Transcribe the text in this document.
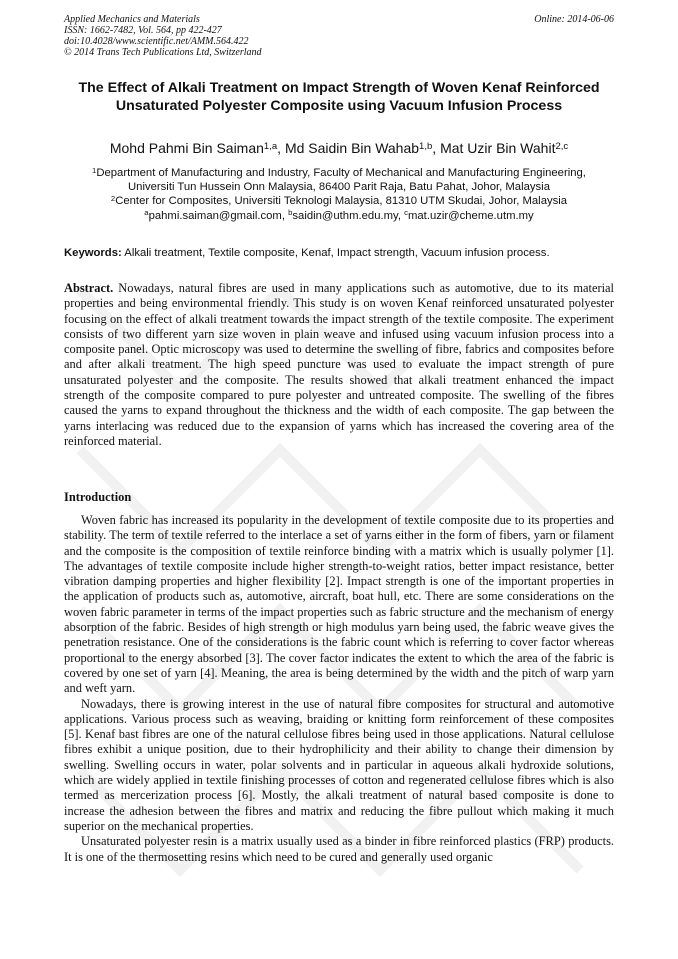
Applied Mechanics and Materials
ISSN: 1662-7482, Vol. 564, pp 422-427
doi:10.4028/www.scientific.net/AMM.564.422
© 2014 Trans Tech Publications Ltd, Switzerland
Online: 2014-06-06
The Effect of Alkali Treatment on Impact Strength of Woven Kenaf Reinforced Unsaturated Polyester Composite using Vacuum Infusion Process
Mohd Pahmi Bin Saiman$^{1,a}$, Md Saidin Bin Wahab$^{1,b}$, Mat Uzir Bin Wahit$^{2,c}$
$^1$Department of Manufacturing and Industry, Faculty of Mechanical and Manufacturing Engineering,
Universiti Tun Hussein Onn Malaysia, 86400 Parit Raja, Batu Pahat, Johor, Malaysia
$^2$Center for Composites, Universiti Teknologi Malaysia, 81310 UTM Skudai, Johor, Malaysia
$^a$pahmi.saiman@gmail.com, $^b$saidin@uthm.edu.my, $^c$mat.uzir@cheme.utm.my
Keywords: Alkali treatment, Textile composite, Kenaf, Impact strength, Vacuum infusion process.
Abstract. Nowadays, natural fibres are used in many applications such as automotive, due to its material properties and being environmental friendly. This study is on woven Kenaf reinforced unsaturated polyester focusing on the effect of alkali treatment towards the impact strength of the textile composite. The experiment consists of two different yarn size woven in plain weave and infused using vacuum infusion process into a composite panel. Optic microscopy was used to determine the swelling of fibre, fabrics and composites before and after alkali treatment. The high speed puncture was used to evaluate the impact strength of pure unsaturated polyester and the composite. The results showed that alkali treatment enhanced the impact strength of the composite compared to pure polyester and untreated composite. The swelling of the fibres caused the yarns to expand throughout the thickness and the width of each composite. The gap between the yarns interlacing was reduced due to the expansion of yarns which has increased the covering area of the reinforced material.
Introduction

Woven fabric has increased its popularity in the development of textile composite due to its properties and stability. The term of textile referred to the interlace a set of yarns either in the form of fibers, yarn or filament and the composite is the composition of textile reinforce binding with a matrix which is usually polymer [1]. The advantages of textile composite include higher strength-to-weight ratios, better impact resistance, better vibration damping properties and higher flexibility [2]. Impact strength is one of the important properties in the application of products such as, automotive, aircraft, boat hull, etc. There are some considerations on the woven fabric parameter in terms of the impact properties such as fabric structure and the mechanism of energy absorption of the fabric. Besides of high strength or high modulus yarn being used, the fabric weave gives the penetration resistance. One of the considerations is the fabric count which is referring to cover factor whereas proportional to the energy absorbed [3]. The cover factor indicates the extent to which the area of the fabric is covered by one set of yarn [4]. Meaning, the area is being determined by the width and the pitch of warp yarn and weft yarn.

Nowadays, there is growing interest in the use of natural fibre composites for structural and automotive applications. Various process such as weaving, braiding or knitting form reinforcement of these composites [5]. Kenaf bast fibres are one of the natural cellulose fibres being used in those applications. Natural cellulose fibres exhibit a unique position, due to their hydrophilicity and their ability to change their dimension by swelling. Swelling occurs in water, polar solvents and in particular in aqueous alkali hydroxide solutions, which are widely applied in textile finishing processes of cotton and regenerated cellulose fibres which is also termed as mercerization process [6]. Mostly, the alkali treatment of natural based composite is done to increase the adhesion between the fibres and matrix and reducing the fibre pullout which making it much superior on the mechanical properties.

Unsaturated polyester resin is a matrix usually used as a binder in fibre reinforced plastics (FRP) products. It is one of the thermosetting resins which need to be cured and generally used organic
